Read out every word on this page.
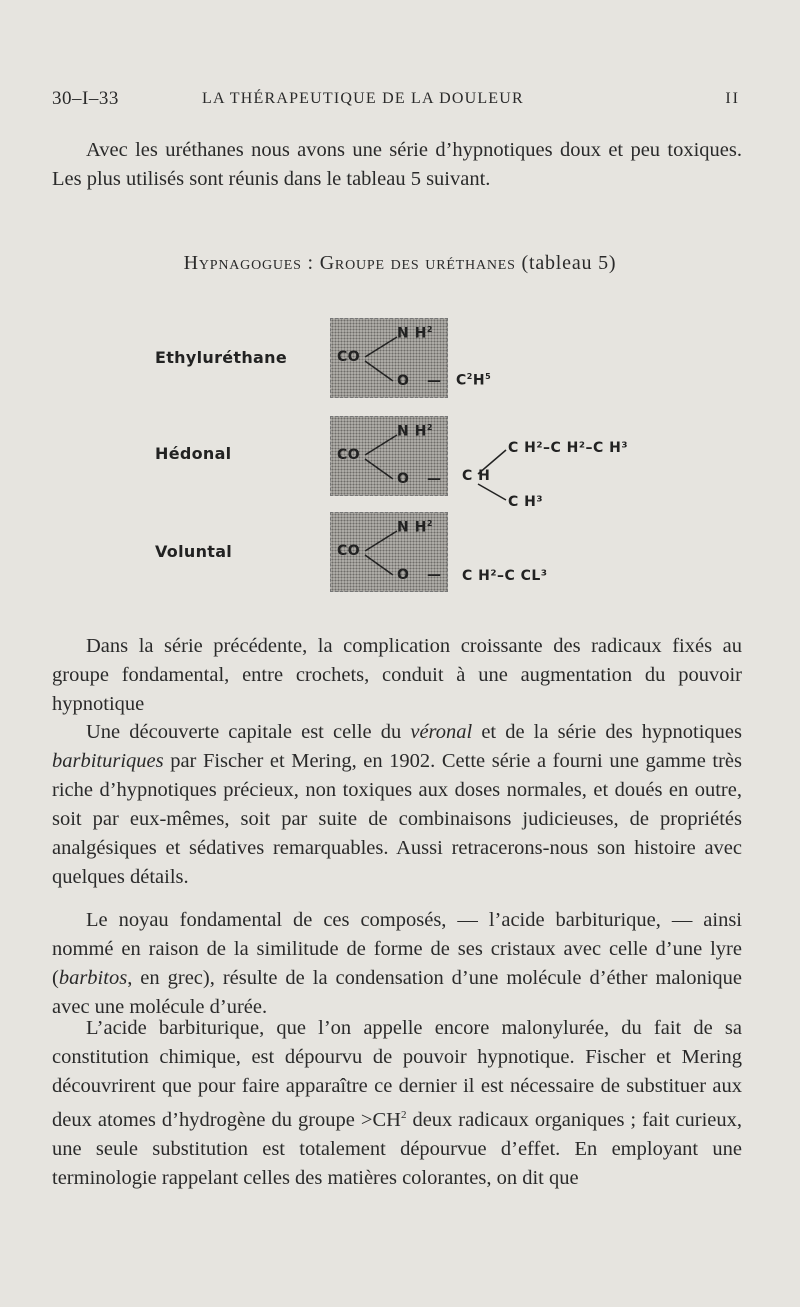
30–I–33	LA THÉRAPEUTIQUE DE LA DOULEUR	II

Avec les uréthanes nous avons une série d’hypnotiques doux et peu toxiques. Les plus utilisés sont réunis dans le tableau 5 suivant.

Hypnagogues : Groupe des uréthanes (tableau 5)
Ethyluréthane	CO
N $H^2$
O — $C^2H^5$
Hédonal	CO
N $H^2$
O — C H
C H²–C H²–C H³
C H³
Voluntal	CO
N $H^2$
O — C H²–C CL³

Dans la série précédente, la complication croissante des radicaux fixés au groupe fondamental, entre crochets, conduit à une augmentation du pouvoir hypnotique

Une découverte capitale est celle du véronal et de la série des hypnotiques barbituriques par Fischer et Mering, en 1902. Cette série a fourni une gamme très riche d’hypnotiques précieux, non toxiques aux doses normales, et doués en outre, soit par eux-mêmes, soit par suite de combinaisons judicieuses, de propriétés analgésiques et sédatives remarquables. Aussi retracerons-nous son histoire avec quelques détails.

Le noyau fondamental de ces composés, — l’acide barbiturique, — ainsi nommé en raison de la similitude de forme de ses cristaux avec celle d’une lyre (barbitos, en grec), résulte de la condensation d’une molécule d’éther malonique avec une molécule d’urée.

L’acide barbiturique, que l’on appelle encore malonylurée, du fait de sa constitution chimique, est dépourvu de pouvoir hypnotique. Fischer et Mering découvrirent que pour faire apparaître ce dernier il est nécessaire de substituer aux deux atomes d’hydrogène du groupe $>CH^2$ deux radicaux organiques ; fait curieux, une seule substitution est totalement dépourvue d’effet. En employant une terminologie rappelant celles des matières colorantes, on dit que
